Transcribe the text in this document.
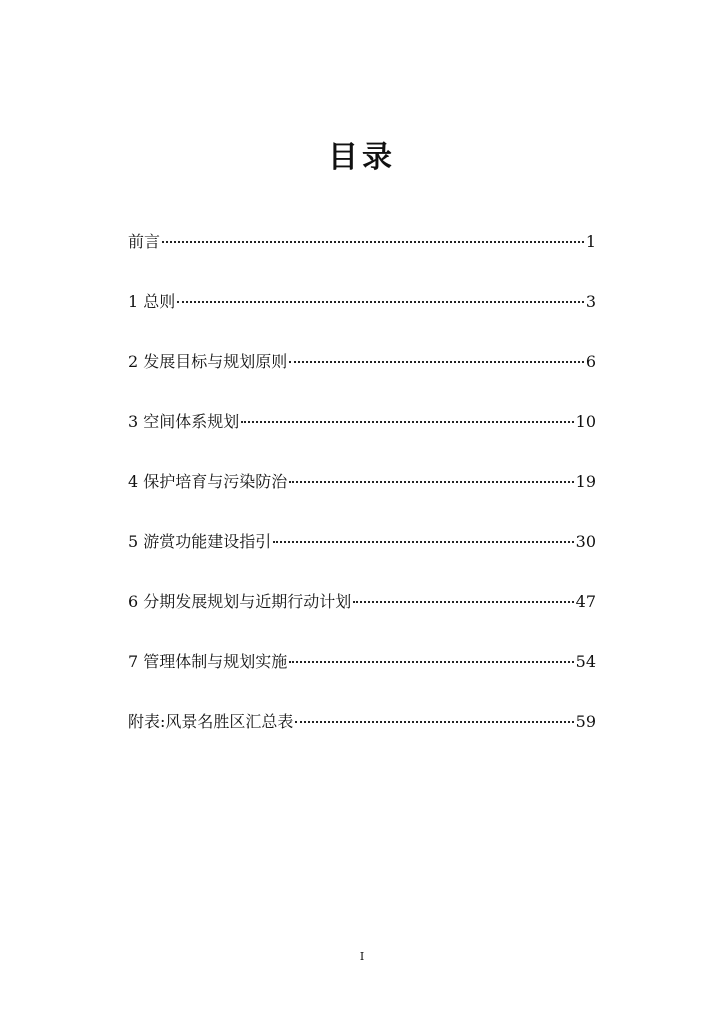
目录
前言	1
1 总则	3
2 发展目标与规划原则	6
3 空间体系规划	10
4 保护培育与污染防治	19
5 游赏功能建设指引	30
6 分期发展规划与近期行动计划	47
7 管理体制与规划实施	54
附表:风景名胜区汇总表	59
I
